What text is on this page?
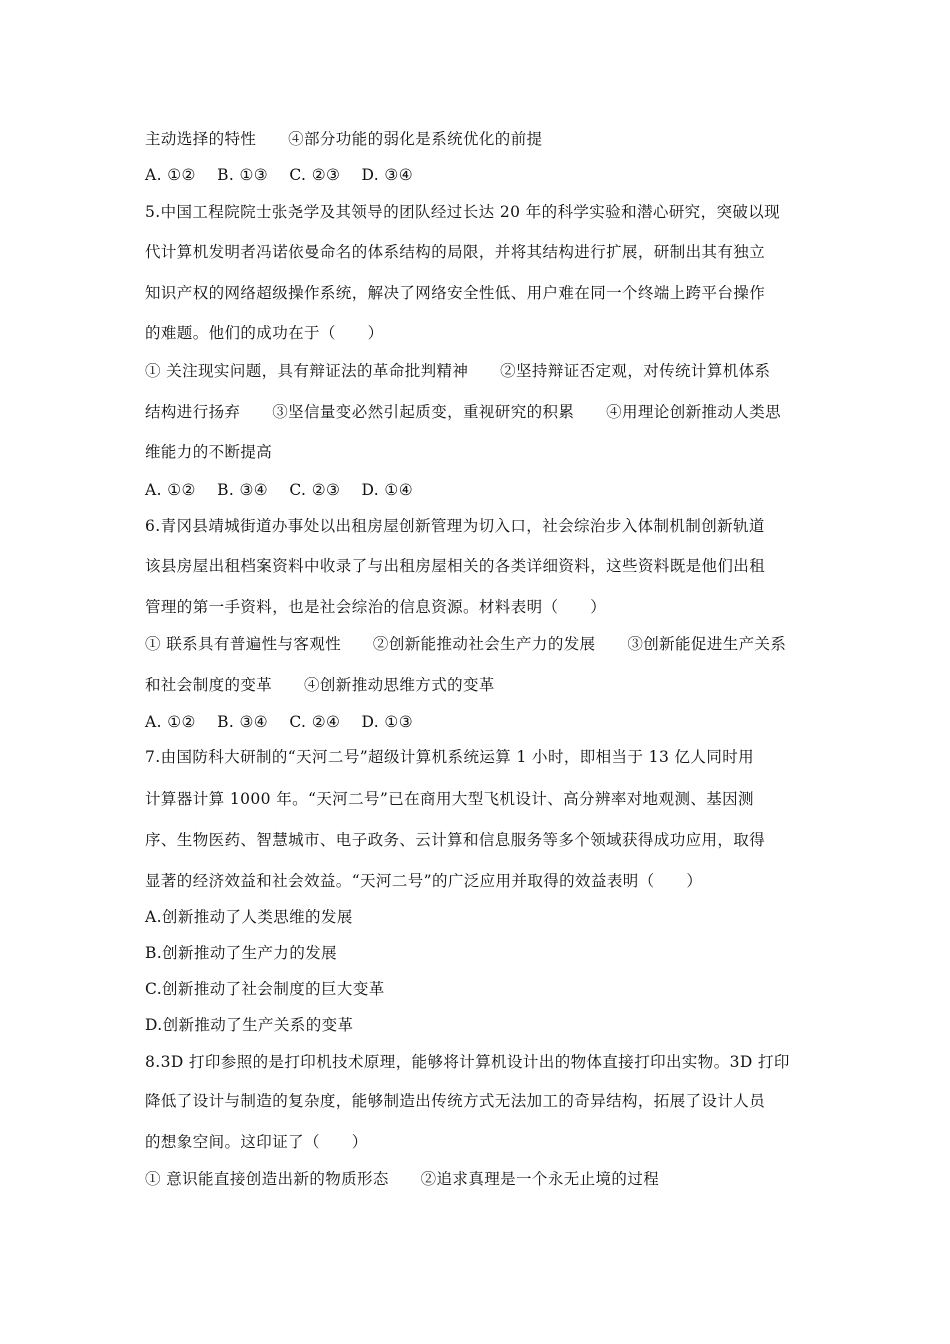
主动选择的特性　　④部分功能的弱化是系统优化的前提
A. ①②　 B. ①③　 C. ②③　 D. ③④
5.中国工程院院士张尧学及其领导的团队经过长达 20 年的科学实验和潜心研究，突破以现
代计算机发明者冯诺依曼命名的体系结构的局限，并将其结构进行扩展，研制出其有独立
知识产权的网络超级操作系统，解决了网络安全性低、用户难在同一个终端上跨平台操作
的难题。他们的成功在于（　　）
① 关注现实问题，具有辩证法的革命批判精神　　②坚持辩证否定观，对传统计算机体系
结构进行扬弃　　③坚信量变必然引起质变，重视研究的积累　　④用理论创新推动人类思
维能力的不断提高
A. ①②　 B. ③④　 C. ②③　 D. ①④
6.青冈县靖城街道办事处以出租房屋创新管理为切入口，社会综治步入体制机制创新轨道
该县房屋出租档案资料中收录了与出租房屋相关的各类详细资料，这些资料既是他们出租
管理的第一手资料，也是社会综治的信息资源。材料表明（　　）
① 联系具有普遍性与客观性　　②创新能推动社会生产力的发展　　③创新能促进生产关系
和社会制度的变革　　④创新推动思维方式的变革
A. ①②　 B. ③④　 C. ②④　 D. ①③
7.由国防科大研制的“天河二号”超级计算机系统运算 1 小时，即相当于 13 亿人同时用
计算器计算 1000 年。“天河二号”已在商用大型飞机设计、高分辨率对地观测、基因测
序、生物医药、智慧城市、电子政务、云计算和信息服务等多个领域获得成功应用，取得
显著的经济效益和社会效益。“天河二号”的广泛应用并取得的效益表明（　　）
A.创新推动了人类思维的发展
B.创新推动了生产力的发展
C.创新推动了社会制度的巨大变革
D.创新推动了生产关系的变革
8.3D 打印参照的是打印机技术原理，能够将计算机设计出的物体直接打印出实物。3D 打印
降低了设计与制造的复杂度，能够制造出传统方式无法加工的奇异结构，拓展了设计人员
的想象空间。这印证了（　　）
① 意识能直接创造出新的物质形态　　②追求真理是一个永无止境的过程
